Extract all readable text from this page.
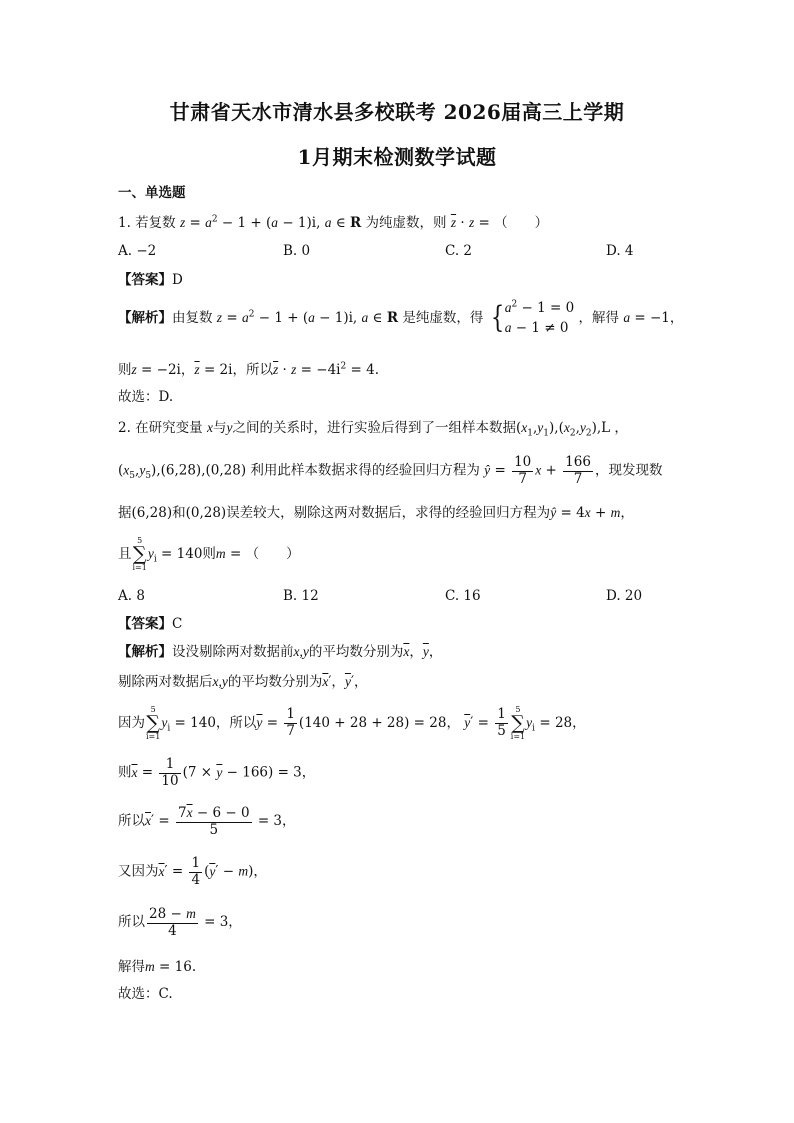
甘肃省天水市清水县多校联考 2026届高三上学期
1月期末检测数学试题
一、单选题
1. 若复数 $z = a^2 - 1 + (a - 1)i$, a ∈ R 为纯虚数，则 $\overline{z} \cdot z$ = （　　）
A. −2	B. 0	C. 2	D. 4
【答案】D
【解析】由复数 $z = a^2 - 1 + (a - 1)i$, a ∈ R 是纯虚数，得 { $a^2 - 1 = 0$
a − 1 ≠ 0
，解得 a = −1，
则z = −2i，$\overline{z} = 2i$，所以$\overline{z} \cdot z = -4i^2 = 4$.
故选：D.
2. 在研究变量 x与y之间的关系时，进行实验后得到了一组样本数据$(x_1,y_1),(x_2,y_2),L$ ，
$(x_5,y_5),(6,28),(0,28)$ 利用此样本数据求得的经验回归方程为 ŷ = $\frac{10}{7}$ $x + \frac{166}{7}$ ，现发现数
据(6,28)和(0,28)误差较大，剔除这两对数据后，求得的经验回归方程为ŷ = 4x + m，
且
5
∑
i=1
$y_i = 140$则m = （　　）
A. 8	B. 12	C. 16	D. 20
【答案】C
【解析】设没剔除两对数据前x,y的平均数分别为$\overline{x}$，$\overline{y}$，
剔除两对数据后x,y的平均数分别为$\overline{x}'$，$\overline{y}'$，
因为
5
∑
i=1
$y_i = 140$，所以$\overline{y} = \frac{1}{7} (140 + 28 + 28) = 28$， $\overline{y}' = \frac{1}{5} 5$
∑
i=1
$y_i = 28$，
则$\overline{x} = \frac{1}{10} (7 \times \overline{y} - 166) = 3$，
所以$\overline{x}' = \frac{7\overline{x} - 6 - 0}{5} = 3$，
又因为$\overline{x}' = \frac{1}{4} (\overline{y}' - m)$，
所以 $\frac{28 - m}{4} = 3$，
解得m = 16.
故选：C.
